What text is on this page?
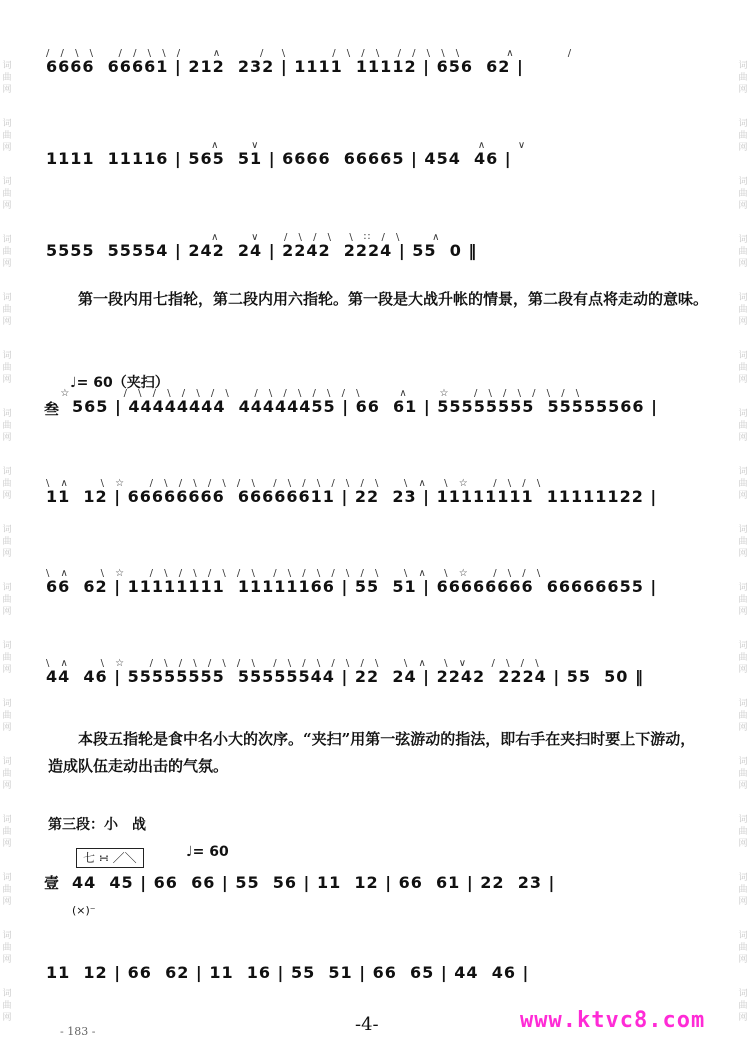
词
曲
网
词
曲
网
词
曲
网
词
曲
网
词
曲
网
词
曲
网
词
曲
网
词
曲
网
词
曲
网
词
曲
网
词
曲
网
词
曲
网
词
曲
网
词
曲
网
词
曲
网
词
曲
网
词
曲
网
词
曲
网
词
曲
网
词
曲
网
词
曲
网
词
曲
网
词
曲
网
词
曲
网
词
曲
网
词
曲
网
词
曲
网
词
曲
网
词
曲
网
词
曲
网
词
曲
网
词
曲
网
词
曲
网
词
曲
网
/ / \ \   / / \ \ /    ∧     /  \      / \ / \  / / \ \ \      ∧       /
6666  66661 | 212  232 | 1111  11112 | 656  62 |
∧    ∨                              ∧    ∨
1111  11116 | 565  51 | 6666  66665 | 454  46 |
∧    ∨   / \ / \  \ ∷ / \    ∧
5555  55554 | 242  24 | 2242  2224 | 55  0 ‖
第一段内用七指轮，第二段内用六指轮。第一段是大战升帐的情景，第二段有点将走动的意味。
♩= 60（夹扫）
叁
☆       / \ / \ / \ / \   / \ / \ / \ / \     ∧    ☆   / \ / \ / \ / \
565 | 44444444  44444455 | 66  61 | 55555555  55555566 |
\ ∧    \ ☆   / \ / \ / \ / \  / \ / \ / \ / \   \ ∧  \ ☆   / \ / \
11  12 | 66666666  66666611 | 22  23 | 11111111  11111122 |
\ ∧    \ ☆   / \ / \ / \ / \  / \ / \ / \ / \   \ ∧  \ ☆   / \ / \
66  62 | 11111111  11111166 | 55  51 | 66666666  66666655 |
\ ∧    \ ☆   / \ / \ / \ / \  / \ / \ / \ / \   \ ∧  \ ∨   / \ / \
44  46 | 55555555  55555544 | 22  24 | 2242  2224 | 55  50 ‖
本段五指轮是食中名小大的次序。“夹扫”用第一弦游动的指法，即右手在夹扫时要上下游动，造成队伍走动出击的气氛。
第三段：小　战
七 ∺ ／＼	♩= 60
壹
(×)⁻
44  45 | 66  66 | 55  56 | 11  12 | 66  61 | 22  23 |
11  12 | 66  62 | 11  16 | 55  51 | 66  65 | 44  46 |
- 183 -	-4-	www.ktvc8.com
